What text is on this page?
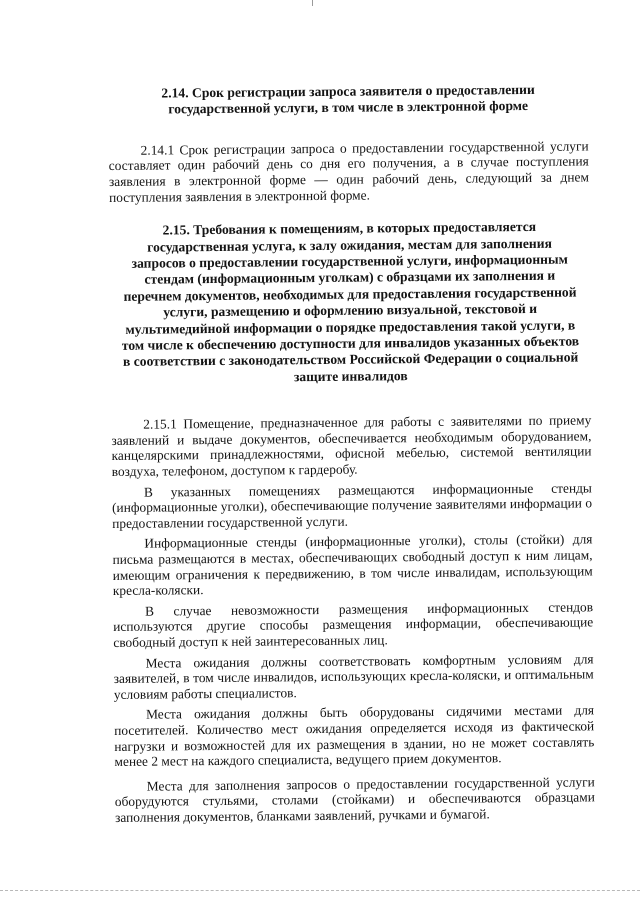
2.14. Срок регистрации запроса заявителя о предоставлении государственной услуги, в том числе в электронной форме

2.14.1 Срок регистрации запроса о предоставлении государственной услуги составляет один рабочий день со дня его получения, а в случае поступления заявления в электронной форме — один рабочий день, следующий за днем поступления заявления в электронной форме.

2.15. Требования к помещениям, в которых предоставляется государственная услуга, к залу ожидания, местам для заполнения запросов о предоставлении государственной услуги, информационным стендам (информационным уголкам) с образцами их заполнения и перечнем документов, необходимых для предоставления государственной услуги, размещению и оформлению визуальной, текстовой и мультимедийной информации о порядке предоставления такой услуги, в том числе к обеспечению доступности для инвалидов указанных объектов в соответствии с законодательством Российской Федерации о социальной защите инвалидов

2.15.1 Помещение, предназначенное для работы с заявителями по приему заявлений и выдаче документов, обеспечивается необходимым оборудованием, канцелярскими принадлежностями, офисной мебелью, системой вентиляции воздуха, телефоном, доступом к гардеробу.

В указанных помещениях размещаются информационные стенды (информационные уголки), обеспечивающие получение заявителями информации о предоставлении государственной услуги.

Информационные стенды (информационные уголки), столы (стойки) для письма размещаются в местах, обеспечивающих свободный доступ к ним лицам, имеющим ограничения к передвижению, в том числе инвалидам, использующим кресла-коляски.

В случае невозможности размещения информационных стендов используются другие способы размещения информации, обеспечивающие свободный доступ к ней заинтересованных лиц.

Места ожидания должны соответствовать комфортным условиям для заявителей, в том числе инвалидов, использующих кресла-коляски, и оптимальным условиям работы специалистов.

Места ожидания должны быть оборудованы сидячими местами для посетителей. Количество мест ожидания определяется исходя из фактической нагрузки и возможностей для их размещения в здании, но не может составлять менее 2 мест на каждого специалиста, ведущего прием документов.

Места для заполнения запросов о предоставлении государственной услуги оборудуются стульями, столами (стойками) и обеспечиваются образцами заполнения документов, бланками заявлений, ручками и бумагой.
